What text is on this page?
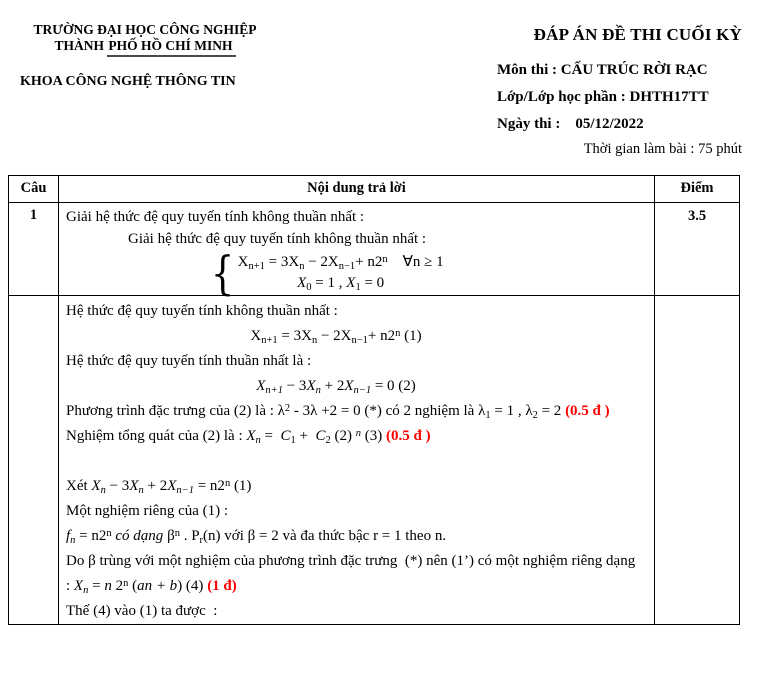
TRƯỜNG ĐẠI HỌC CÔNG NGHIỆP
THÀNH PHỐ HỒ CHÍ MINH
KHOA CÔNG NGHỆ THÔNG TIN
ĐÁP ÁN ĐỀ THI CUỐI KỲ
Môn thi : CẤU TRÚC RỜI RẠC
Lớp/Lớp học phần : DHTH17TT
Ngày thi :    05/12/2022
Thời gian làm bài : 75 phút
Câu	Nội dung trả lời	Điểm
1	Giải hệ thức đệ quy tuyến tính không thuần nhất :
Giải hệ thức đệ quy tuyến tính không thuần nhất :
{ $X_{n+1} = 3X_n - 2X_{n-1}+ n2^n$    ∀n ≥ 1
$X_0 = 1$ , $X_1 = 0$	3.5

Hệ thức đệ quy tuyến tính không thuần nhất :
$X_{n+1} = 3X_n - 2X_{n-1}+ n2^n$ (1)
Hệ thức đệ quy tuyến tính thuần nhất là :
$X_{n+1} - 3X_n + 2X_{n-1} = 0$ (2)
Phương trình đặc trưng của (2) là : $\lambda^2 - 3\lambda +2 = 0$ (*) có 2 nghiệm là $\lambda_1 = 1$ , $\lambda_2 = 2$ (0.5 đ )
Nghiệm tổng quát của (2) là : $X_n = C_1 + C_2$ (2) $^n$ (3) (0.5 đ )
Xét $X_n - 3X_n + 2X_{n-1} = n2^n$ (1)
Một nghiệm riêng của (1) :
$f_n = n2^n$ có dạng $\beta^n$ . $P_r(n)$ với β = 2 và đa thức bậc r = 1 theo n.
Do β trùng với một nghiệm của phương trình đặc trưng  (*) nên (1’) có một nghiệm riêng dạng
: $X_n = n$ 2$^n$ (an + b) (4) (1 đ)
Thế (4) vào (1) ta được  :
